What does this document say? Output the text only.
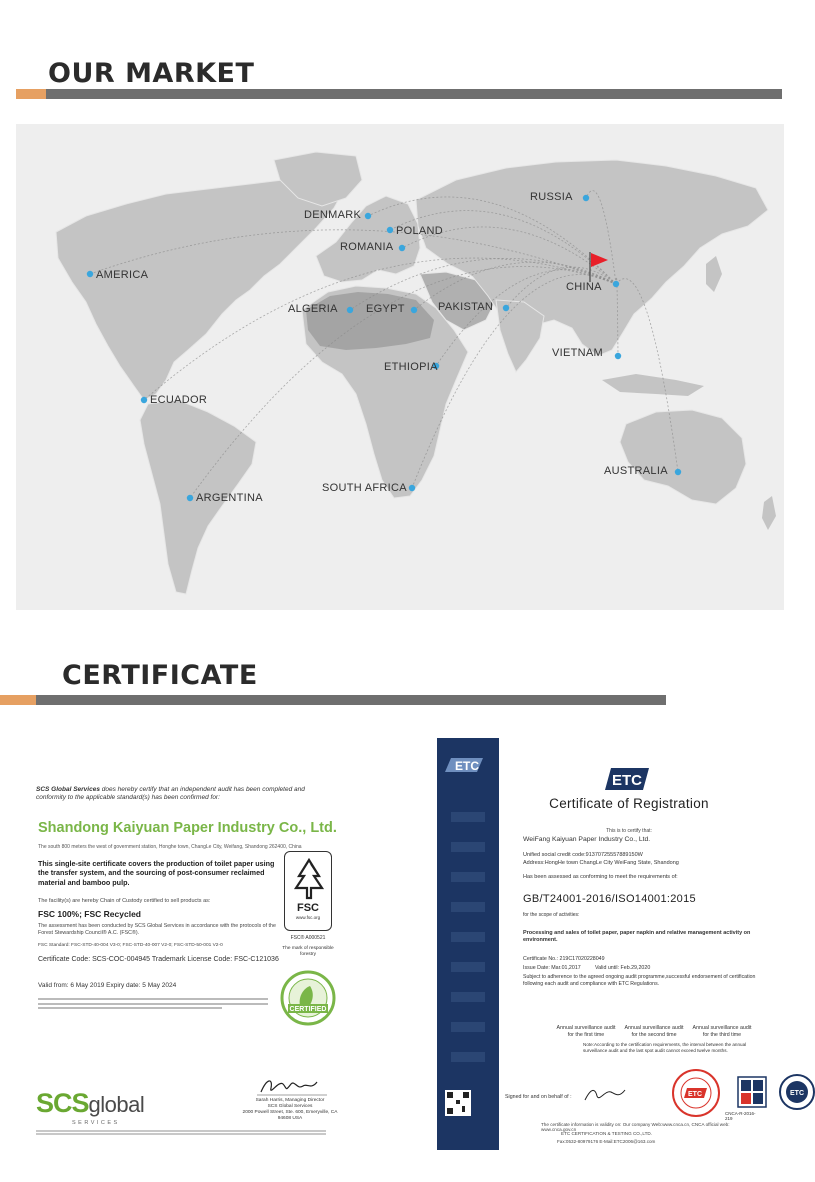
OUR MARKET
RUSSIA
DENMARK
POLAND
ROMANIA
AMERICA
CHINA
ALGERIA	EGYPT	PAKISTAN
VIETNAM
ETHIOPIA
ECUADOR
AUSTRALIA
SOUTH AFRICA
ARGENTINA
CERTIFICATE
SCS Global Services does hereby certify that an independent audit has been completed and conformity to the applicable standard(s) has been confirmed for:
Shandong Kaiyuan Paper Industry Co., Ltd.
The south 800 meters the west of government station, Honghe town, ChangLe City, Weifang, Shandong 262400, China
This single-site certificate covers the production of toilet paper using the transfer system, and the sourcing of post-consumer reclaimed material and bamboo pulp.
The facility(s) are hereby Chain of Custody certified to sell products as:
FSC 100%; FSC Recycled
The assessment has been conducted by SCS Global Services in accordance with the protocols of the Forest Stewardship Council® A.C. (FSC®).
FSC Standard: FSC-STD-40-004 V3-0; FSC-STD-40-007 V2-0; FSC-STD-50-001 V2-0
Certificate Code: SCS-COC-004945 Trademark License Code: FSC-C121036
Valid from: 6 May 2019 Expiry date: 5 May 2024
FSC
www.fsc.org
FSC® A000521
The mark of responsible forestry
CERTIFIED
SCSglobal
SERVICES
Sarah Harris, Managing Director
SCS Global Services
2000 Powell Street, Ste. 600, Emeryville, CA 94608 USA
ETC
ETC
Certificate of Registration
This is to certify that:
WeiFang Kaiyuan Paper Industry Co., Ltd.
Unified social credit code:91370725557889150W
Address:HongHe town ChangLe City WeiFang State, Shandong
Has been assessed as conforming to meet the requirements of:
GB/T24001-2016/ISO14001:2015
for the scope of activities:
Processing and sales of toilet paper, paper napkin and relative management activity on environment.
Certificate No.: 219C17020228049
Issue Date: Mar.01,2017	Valid until: Feb.29,2020
Subject to adherence to the agreed ongoing audit programme,successful endorsement of certification following each audit and compliance with ETC Regulations.
Annual surveillance audit
for the first time
Annual surveillance audit
for the second time
Annual surveillance audit
for the third time
Note:According to the certification requirements, the interval between the annual surveillance audit and the last spot audit cannot exceed twelve months.
Signed for and on behalf of :	ETC
CNCA-R-2016-219
ETC
The certificate information is validity on: Our company Web:www.cnca.cn, CNCA official web: www.cnca.gov.cn
ETC CERTIFICATION & TESTING CO.,LTD.
Fax:0532-80979176 E-Mail:ETC2006@163.com
